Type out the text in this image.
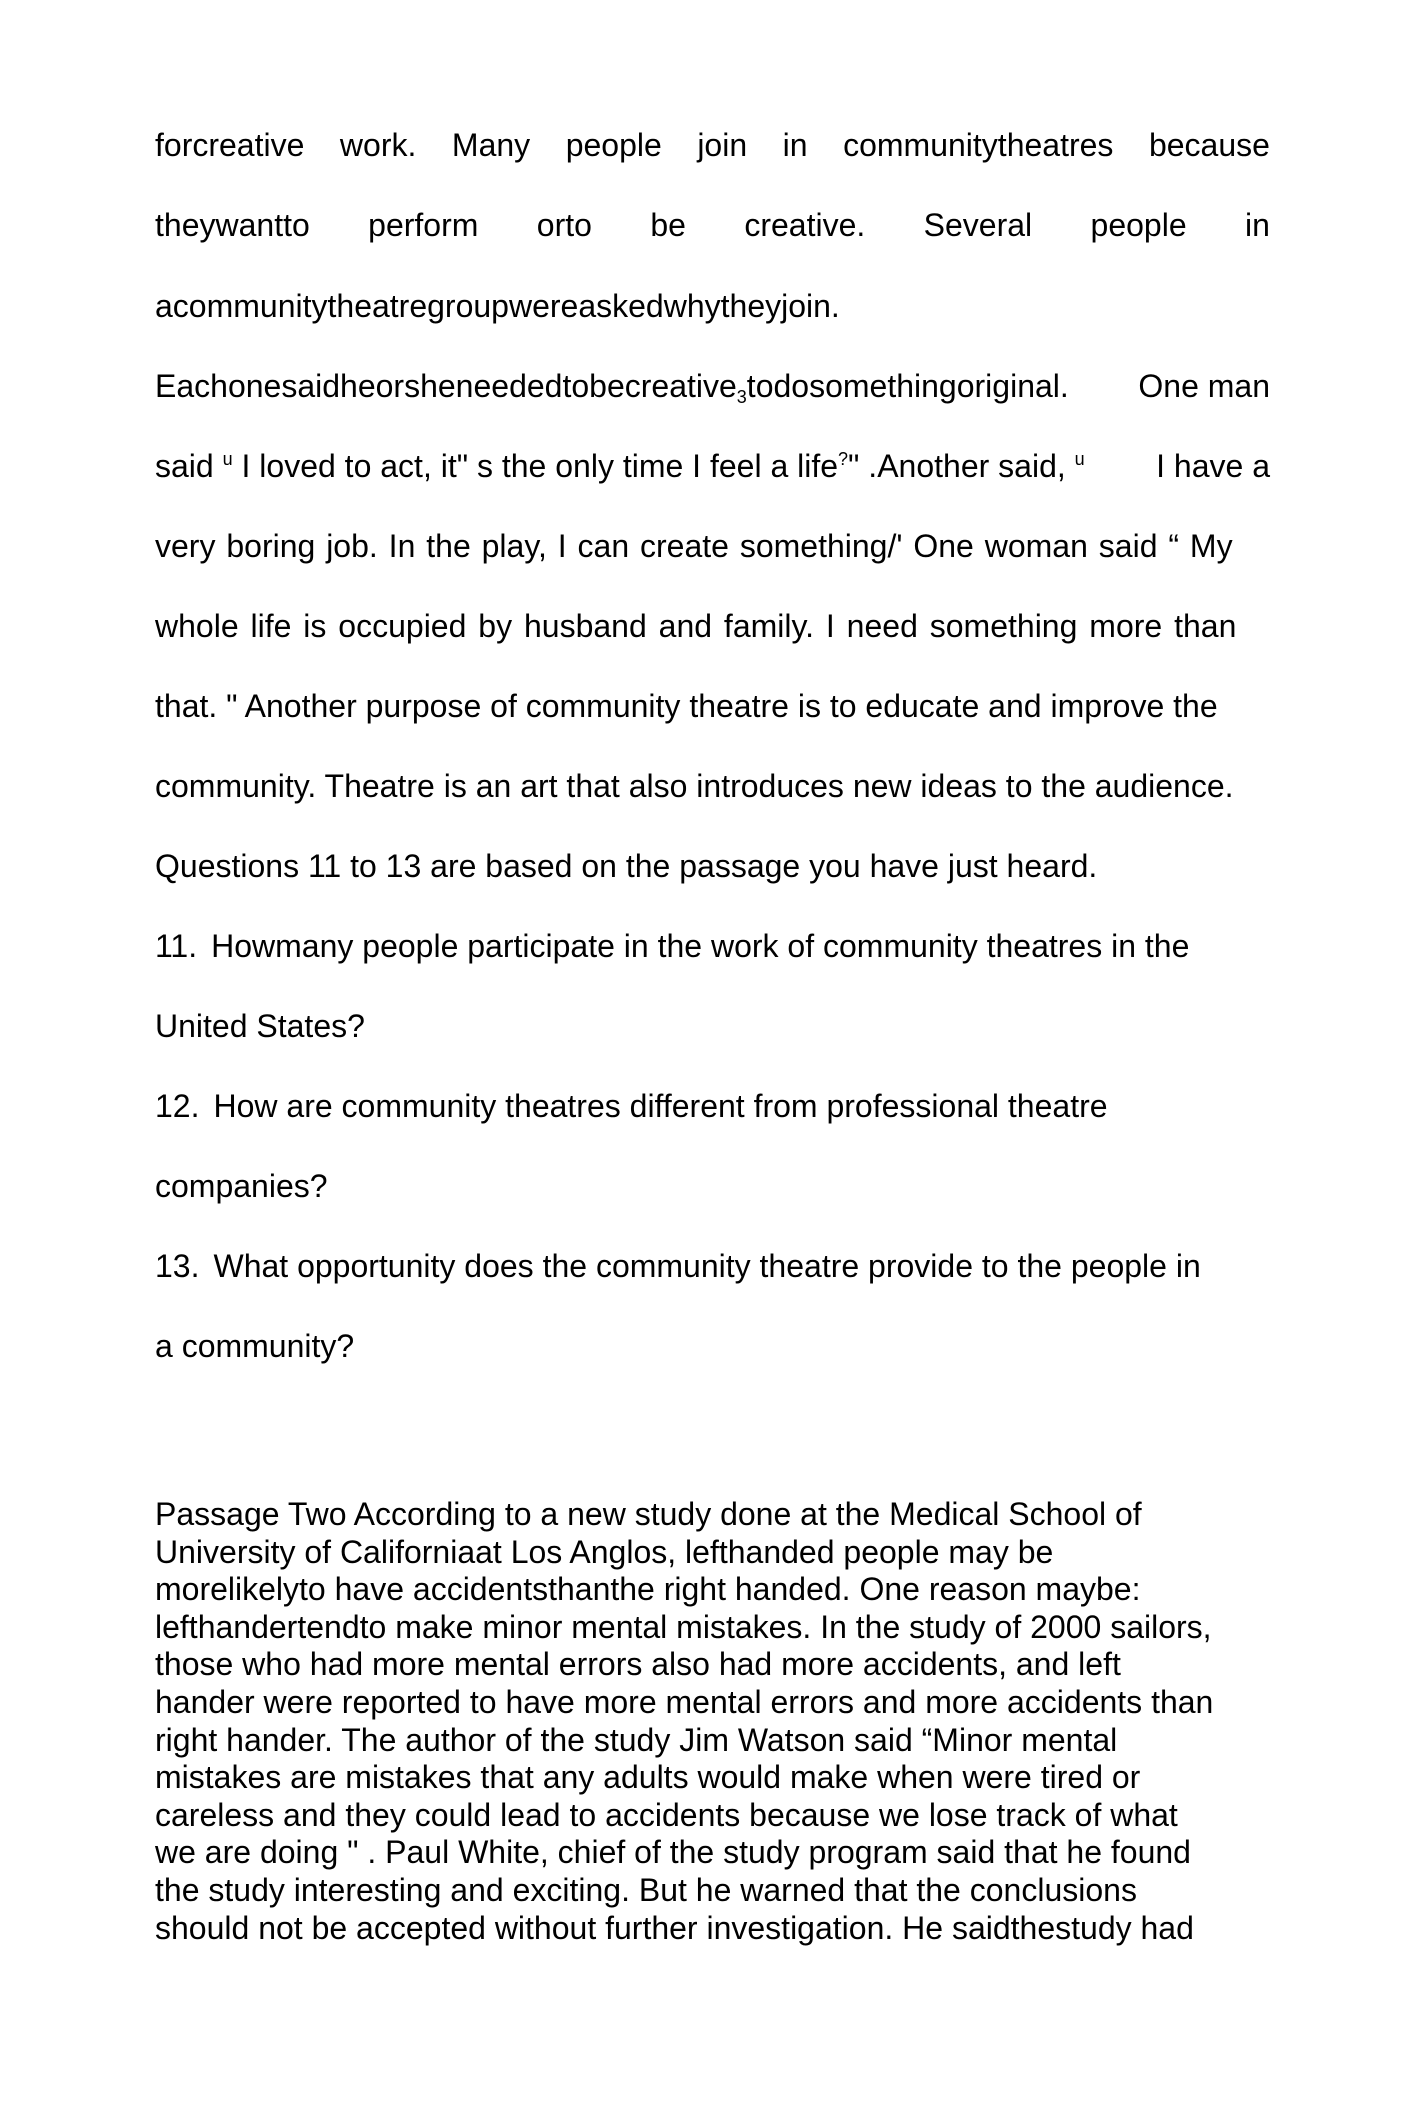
forcreative work. Many people join in communitytheatres because
theywantto perform orto be creative. Several people in
acommunitytheatregroupwereaskedwhytheyjoin.
Eachonesaidheorsheneededtobecreative$_3$todosomethingoriginal. One man
said $^u$ I loved to act, it" s the only time I feel a life?" .Another said, $^u$ I have a
very boring job. In the play, I can create something/' One woman said “ My
whole life is occupied by husband and family. I need something more than
that. " Another purpose of community theatre is to educate and improve the
community. Theatre is an art that also introduces new ideas to the audience.
Questions 11 to 13 are based on the passage you have just heard.
11. Howmany people participate in the work of community theatres in the
United States?
12. How are community theatres different from professional theatre
companies?
13. What opportunity does the community theatre provide to the people in
a community?
Passage Two According to a new study done at the Medical School of
University of Californiaat Los Anglos, lefthanded people may be
morelikelyto have accidentsthanthe right handed. One reason maybe:
lefthandertendto make minor mental mistakes. In the study of 2000 sailors,
those who had more mental errors also had more accidents, and left
hander were reported to have more mental errors and more accidents than
right hander. The author of the study Jim Watson said “Minor mental
mistakes are mistakes that any adults would make when were tired or
careless and they could lead to accidents because we lose track of what
we are doing " . Paul White, chief of the study program said that he found
the study interesting and exciting. But he warned that the conclusions
should not be accepted without further investigation. He saidthestudy had
